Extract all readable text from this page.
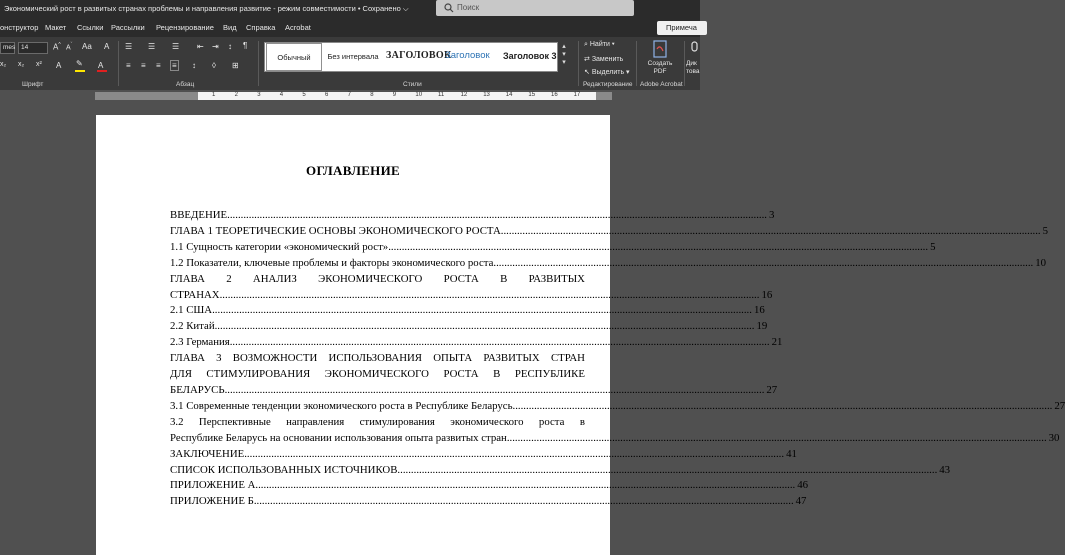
Экономический рост в развитых странах проблемы и направления развитие - режим совместимости • Сохранено ⌵	Поиск
онструктор Макет Ссылки Рассылки Рецензирование Вид Справка Acrobat	Примеча
mes 14	A^ $A^ˇ$ Aa A
x₂ x₂ x² A ✎ A
Шрифт
☰ ☰ ☰ ⇤ ⇥ ↕ ¶
≡ ≡ ≡ ≡ ↕ ◊ ⊞
Абзац
Обычный	Без интервала ЗАГОЛОВОК
Заголовок	Заголовок 3
▴
▾
▾
Стили
⌕ Найти ▾
⇄ Заменить
↖ Выделить ▾
Редактирование
Создать
PDF
Adobe Acrobat
Дик
това
1	2	3	4	5	6	7	8	9	10	11	12	13	14	15	16	17
ОГЛАВЛЕНИЕ
ВВЕДЕНИЕ .....	3
ГЛАВА 1 ТЕОРЕТИЧЕСКИЕ ОСНОВЫ ЭКОНОМИЧЕСКОГО РОСТА .....	5
1.1 Сущность категории «экономический рост» .....	5
1.2 Показатели, ключевые проблемы и факторы экономического роста .....	10
ГЛАВА 2 АНАЛИЗ ЭКОНОМИЧЕСКОГО РОСТА В РАЗВИТЫХ
СТРАНАХ .....	16
2.1 США .....	16
2.2 Китай .....	19
2.3 Германия .....	21
ГЛАВА 3 ВОЗМОЖНОСТИ ИСПОЛЬЗОВАНИЯ ОПЫТА РАЗВИТЫХ СТРАН
ДЛЯ СТИМУЛИРОВАНИЯ ЭКОНОМИЧЕСКОГО РОСТА В РЕСПУБЛИКЕ
БЕЛАРУСЬ .....	27
3.1 Современные тенденции экономического роста в Республике Беларусь .....	27
3.2 Перспективные направления стимулирования экономического роста в
Республике Беларусь на основании использования опыта развитых стран .....	30
ЗАКЛЮЧЕНИЕ .....	41
СПИСОК ИСПОЛЬЗОВАННЫХ ИСТОЧНИКОВ .....	43
ПРИЛОЖЕНИЕ А .....	46
ПРИЛОЖЕНИЕ Б .....	47
